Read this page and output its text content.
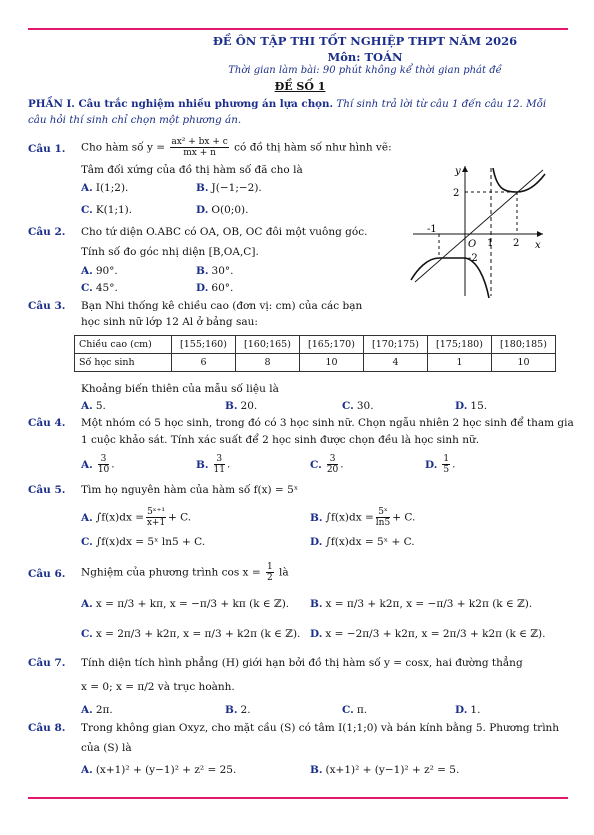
ĐỀ ÔN TẬP THI TỐT NGHIỆP THPT NĂM 2026
Môn: TOÁN
Thời gian làm bài: 90 phút không kể thời gian phát đề
ĐỀ SỐ 1
PHẦN I. Câu trắc nghiệm nhiều phương án lựa chọn. Thí sinh trả lời từ câu 1 đến câu 12. Mỗi câu hỏi thí sinh chỉ chọn một phương án.
Câu 1. Cho hàm số $y = \frac{\text{ax² + bx + c}}{mx + n}$ có đồ thị hàm số như hình vẽ:
Tâm đối xứng của đồ thị hàm số đã cho là
A. I(1;2).	B. J(−1;−2).
C. K(1;1).	D. O(0;0).
y
x
O
2
-2
-1
1 2
Câu 2. Cho tứ diện O.ABC có OA, OB, OC đôi một vuông góc.
Tính số đo góc nhị diện [B,OA,C].
A. 90°.	B. 30°.
C. 45°.	D. 60°.
Câu 3. Bạn Nhi thống kê chiều cao (đơn vị: cm) của các bạn
học sinh nữ lớp 12 Al ở bảng sau:
Chiều cao (cm)	[155;160)	[160;165)	[165;170)	[170;175)	[175;180)	[180;185)
Số học sinh	6	8	10	4	1	10
Khoảng biến thiên của mẫu số liệu là
A. 5.	B. 20.	C. 30.	D. 15.
Câu 4. Một nhóm có 5 học sinh, trong đó có 3 học sinh nữ. Chọn ngẫu nhiên 2 học sinh để tham gia
1 cuộc khảo sát. Tính xác suất để 2 học sinh được chọn đều là học sinh nữ.
A. $\frac{3}{10}$ .	B. $\frac{3}{11}$ .	C. $\frac{3}{20}$ .	D. $\frac{1}{5}$ .
Câu 5. Tìm họ nguyên hàm của hàm số f(x) = 5ˣ
A. $\int f(x)dx = \frac{\text{5ˣ⁺¹}}{x+1} + C$.	B. $\int f(x)dx = \frac{\text{5ˣ}}{\ln 5} + C$.
C. ∫f(x)dx = 5ˣ ln5 + C.	D. ∫f(x)dx = 5ˣ + C.
Câu 6. Nghiệm của phương trình $\cos x = \frac{1}{2}$ là
A. x = π/3 + kπ, x = −π/3 + kπ (k ∈ ℤ). B. x = π/3 + k2π, x = −π/3 + k2π (k ∈ ℤ).
C. x = 2π/3 + k2π, x = π/3 + k2π (k ∈ ℤ). D. x = −2π/3 + k2π, x = 2π/3 + k2π (k ∈ ℤ).
Câu 7. Tính diện tích hình phẳng (H) giới hạn bởi đồ thị hàm số y = cosx, hai đường thẳng
x = 0; x = π/2 và trục hoành.
A. 2π.	B. 2.	C. π.	D. 1.
Câu 8. Trong không gian Oxyz, cho mặt cầu (S) có tâm I(1;1;0) và bán kính bằng 5. Phương trình
của (S) là
A. (x+1)² + (y−1)² + z² = 25.	B. (x+1)² + (y−1)² + z² = 5.
